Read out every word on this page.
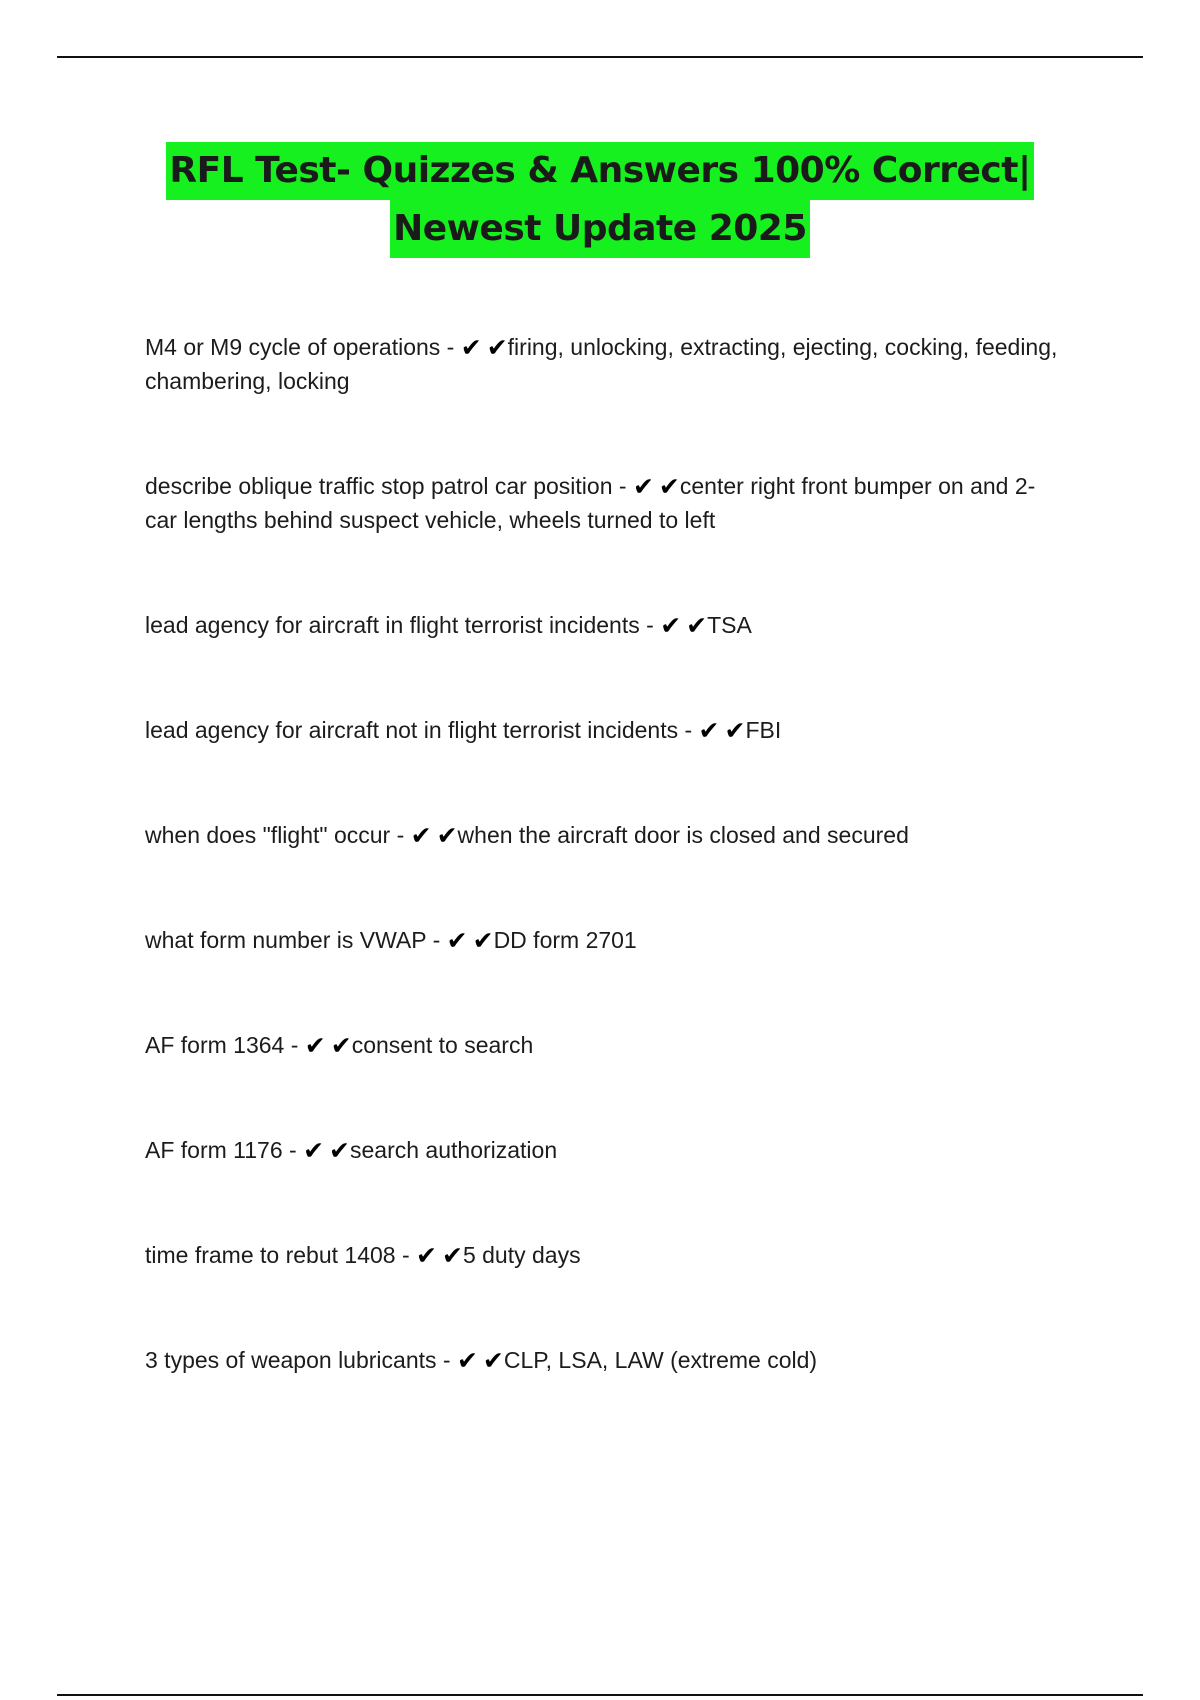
RFL Test- Quizzes & Answers 100% Correct|
Newest Update 2025
M4 or M9 cycle of operations - ✔ ✔firing, unlocking, extracting, ejecting, cocking, feeding, chambering, locking
describe oblique traffic stop patrol car position - ✔ ✔center right front bumper on and 2-car lengths behind suspect vehicle, wheels turned to left
lead agency for aircraft in flight terrorist incidents - ✔ ✔TSA
lead agency for aircraft not in flight terrorist incidents - ✔ ✔FBI
when does "flight" occur - ✔ ✔when the aircraft door is closed and secured
what form number is VWAP - ✔ ✔DD form 2701
AF form 1364 - ✔ ✔consent to search
AF form 1176 - ✔ ✔search authorization
time frame to rebut 1408 - ✔ ✔5 duty days
3 types of weapon lubricants - ✔ ✔CLP, LSA, LAW (extreme cold)
